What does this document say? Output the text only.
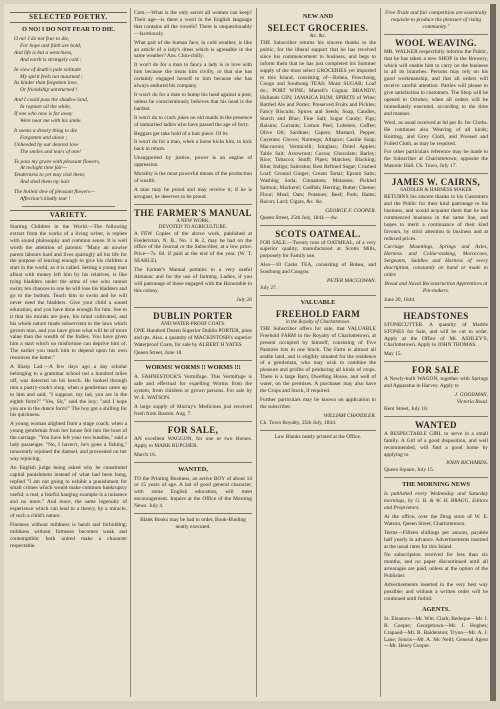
SELECTED POETRY.
O NO! I DO NOT FEAR TO DIE.
O no! I do not fear to die,
For hope and faith are bold,
And life is but a weariness,
And earth is strangely cold :
In view of death's pale solitude
My spirit feels not mourned ;
Its kinder than forgotten love,
Or friendship unreturned !
And I could pass the shadow land,
In rapture all the while,
If one who now is far away
Were near me with his smile.
It seems a dreary thing to die
Forgotten and alone ;
Unheeded by our dearest love
The smiles and tears of one!
To pass my grave with pleasant flowers,
At twilight time fair—
Tenderness to yet may visit them,
And shed them my hair
The holiest dew of pleasant flowers—
Affection's kindly tear !
VARIETY.

Starting Children in the World.—The following extract from the works of a living writer, is replete with sound philosophy and common sense. It is well worth the attention of parents: "Many an unwise parent labours hard and lives sparingly all his life for the purpose of leaving enough to give his children a start in the world, as it is called. Setting a young man afloat with money left him by his relatives, is like tying bladders under the arms of one who cannot swim; ten chances to one he will lose his bladders and go to the bottom. Teach him to swim and he will never need the bladders. Give your child a sound education, and you have done enough for him. See to it that his morals are pure, his mind cultivated, and his whole nature made subservient to the laws which govern man, and you have given what will be of more value than the wealth of the Indies. You have given him a start which no misfortune can deprive him of. The earlier you teach him to depend upon his own resources the better."

A Sharp Lad.—A few days ago a day scholar belonging to a grammar school not a hundred miles off, was detected on his bench. He looked through into a pastry-cook's shop, when a gentleman came up to him and said, "I suppose, my lad, you are in the eighth form?" "Yes, Sir," said the boy; "and I hope you are in the dunce form!" The boy got a shilling for his quickness.

A young woman alighted from a stage coach, when a young gentleman from her house felt into the boot of the carriage. "You have left your two bundles," said a lady passenger. "No, I haven't, he's gone a fishing," innocently rejoined the damsel, and proceeded on her way rejoicing.

An English judge being asked why he constituted capital punishment instead of what had been hung, replied "I am not going to exhibit a punishment for small crimes which would make common bankruptcy useful; a real, a fearful hanging example is a nuisance and no more." And more, the same ingenuity of experience which can lead to a theory, by a miracle, of such a child's nature.

Fineness without mildness is harsh and forbidding; mildness without firmness becomes weak and contemptible; both united make a character respectable.

Com.—What is the only secret all women can keep? Their age—is there a word in the English language that contains all the vowels? There is unquestionably—facetiously.

What part of the human face, in cold weather, is like an article of a lady's dress which is agreeable in the same weather? Ans. Chin-chilly.

It won't do for a man to fancy a lady is in love with him because she treats him civilly, or that she has certainly engaged herself to him because she has always endured his company.

It won't do for a man to bump his head against a post, unless he conscientiously believes that his head is the hardest.

It won't do to crack jokes on old maids in the presence of unmarried ladies who have passed the age of forty.

Beggars get take hold of a hair piece. Of its

It won't do for a man, when a horse kicks him, to kick back in return.

Unsupported by justice, power is an engine of oppression.

Morality is the most powerful means of the production of wealth.

A man may be proud and may receive it; if he is arrogant, he deserves to be proud.

THE FARMER'S MANUAL
A NEW WORK.
DEVOTED TO AGRICULTURE.

A FEW Copies of the above work, published at Fredericton, N. B., No. 1 & 2, may be had on the office of the Journal or the Subscriber, at a low price. Price—7s. 6d. if paid at the end of the year. (W. T. SEARLE).

The Farmer's Manual pertains to a very useful Almanac and for the use of farming. Ladies, if you will patronage of those engaged with the Honorable in this colony.

July 26
DUBLIN PORTER
AND WATER-PROOF COATS.

ONE Hundred Dozen Superior Dublin PORTER, pints and qts. Also, a quantity of MACKINTOSH's superior Waterproof Coats, for sale by ALBERT H YATES

Queen Street, June 18.
WORMS! WORMS !! WORMS !!!

A. FAHNESTOCK'S Vermifuge. This Vermifuge is safe and effectual for expelling Worms from the system, from children or grown persons. For sale by W. E. WATSON.

A large supply of Murray's Medicines just received fresh from Boston. Aug. 7.

FOR SALE,

AN excellent WAGGON, for one or two Horses. Apply to MARK RUPCHER.

March 16.
WANTED,

TO the Printing Business, an active BOY of about 14 or 15 years of age. A lad of good general character, with some English education, will meet encouragement. Inquire at the Office of the Morning News. July 4.

Blank Books may be had to order, Book-Binding neatly executed.

NEW AND
SELECT GROCERIES.
&c. &c.

THE Subscriber returns his sincere thanks to the public, for the liberal support that he has received since his commencement in business, and begs to inform them that he has just completed his Summer supply of the most select GROCERIES yet imported to this Island, consisting of—Bohea, Powchong, Congo and Southong TEAS; Moist SUGAR; Loaf do.; PORT WINE; Martell's Cognac BRANDY; Hollands GIN; JAMAICA RUM; SPIRITS of Wine; Bottled Ale and Porter; Preserved Fruits and Pickles; Fancy Biscuits; Spices and Seeds; Soap, Candles, Starch and Blue; Fine Salt; Sugar Candy; Figs; Raisins; Currants; Lemon Peel; Lobsters, Coffee; Olive Oil; Sardines; Capers; Mustard, Pepper, Cayenne; Cloves; Nutmegs; Allspice; Castile Soap; Maccaroni; Vermicelli; Isinglass; Dried Apples; Table Salt; Arrowroot; Cocoa; Chocolate; Barley; Rice; Tobacco; Snuff; Pipes; Matches; Blacking; Blue; Indigo; Saleratus; Best Refined Sugar; Crushed Loaf; Ground Ginger; Cream Tartar; Epsom Salts; Washing Soda; Cinnamon; Molasses; Pickled Salmon; Mackerel; Codfish; Herring; Butter; Cheese; Flour; Meal; Oats; Potatoes; Beef; Pork; Hams; Bacon; Lard; Cigars, &c. &c.

GEORGE F. COOPER.
Queen Street, 25th July, 1844.—4w.
SCOTS OATMEAL.

FOR SALE.—Twenty tons of OATMEAL, of a very superior quality, manufactured at Scotts Mills, purposely for Family use.

Also—10 Casks TEA, consisting of Bohea, and Southong and Congou.

PETER MACGOWAN.
July 27.
VALUABLE
FREEHOLD FARM
in the Royalty of Charlottetown.

THE Subscriber offers for sale, that VALUABLE Freehold FARM in the Royalty of Charlottetown, at present occupied by himself, consisting of Five Pastures lots in one block. The Farm is almost all arable land, and is eligibly situated for the residence of a gentleman, who may wish to combine the pleasure and profits of producing all kinds of crops. There is a large Barn, Dwelling House, and well of water, on the premises. A purchaser may also have the Crops and Stock, if required.

Further particulars may be known on application to the subscriber.

WILLIAM CHANDLER.
Ch. Town Royalty, 25th July, 1844.

Law Blanks neatly printed at the Office.

Free Trade and fair competition are essentially requisite to produce the pleasure of rising community."

WOOL WEAVING.

MR. WALKER respectfully informs the Public, that he has taken a new SHOP in the Brewery, which will enable him to carry on the business in all its branches. Persons may rely on his good workmanship, and that all orders will receive careful attention. Parties will please to give satisfaction to customers. The Shop will be opened in October, when all orders will be immediately executed, according to the time and manner.

Wool, as usual received at 6d per lb. for Cloths. He continues also Weaving of all kinds; Knitting, and Grey Cloth, and Pressed and Fulled Cloth, as may be required.

For other particulars reference may be made to the Subscriber at Charlottetown, opposite the Masonic Hall. Ch. Town, July 17.

JAMES W. CAIRNS,
SADDLER & HARNESS MAKER

RETURNS his sincere thanks to his Customers and the Public for their kind patronage to his business, and would acquaint them that he has commenced business in the same line, and hopes to merit a continuance of their kind favours, by strict attention to business and at reduced prices.

Carriage Mountings, Springs and Axles, Harness and Collar-making, Moroccoes, Sergeants, Saddles and Harness of every description, constantly on hand or made to order.

Bread and Naval Reconstruction Apprentices at Pin-makers.

June 20, 1844.
HEADSTONES

STONECUTTER. A quantity of Marble STONES for Sale, and will be cut to order. Apply at the Office of Mr. ASHLEY'S, Charlottetown. Apply to JOHN THOMAS.

May 15.
FOR SALE

A Newly-built WAGON, together with Springs and Apparatus in Harvey. Apply to

J. GOODMAN,
Victoria Road.
Kent Street, July 10.
WANTED

A RESPECTABLE GIRL to serve in a small family. A Girl of a good disposition, and well recommended, will find a good home by applying to

JOHN RICHARDS.
Queen Square, July 15.
THE MORNING NEWS

Is published every Wednesday and Saturday mornings, by G. B. & W. H. BRAGG, Editors and Proprietors.

At the office, over the Drug store of W. E. Watson, Queen Street, Charlottetown.

Terms—Fifteen shillings per annum, payable half yearly in advance. Advertisements inserted at the usual rates for this Island.

No subscription received for less than six months, and no paper discontinued until all arrearages are paid, unless at the option of the Publisher.

Advertisements inserted in the very best way possible; and without a written order will be continued until forbid.

AGENTS.

St. Eleanors—Mr. Wm. Clark; Bedeque—Mr. J. B. Cooper; Georgetown—Mr. J. Hughes; Crapaud—Mr. B. Balderston; Tryon—Mr. A. J. Lane; Souris—Mr. A. Mc Neill; General Agent—Mr. Henry Cooper.
